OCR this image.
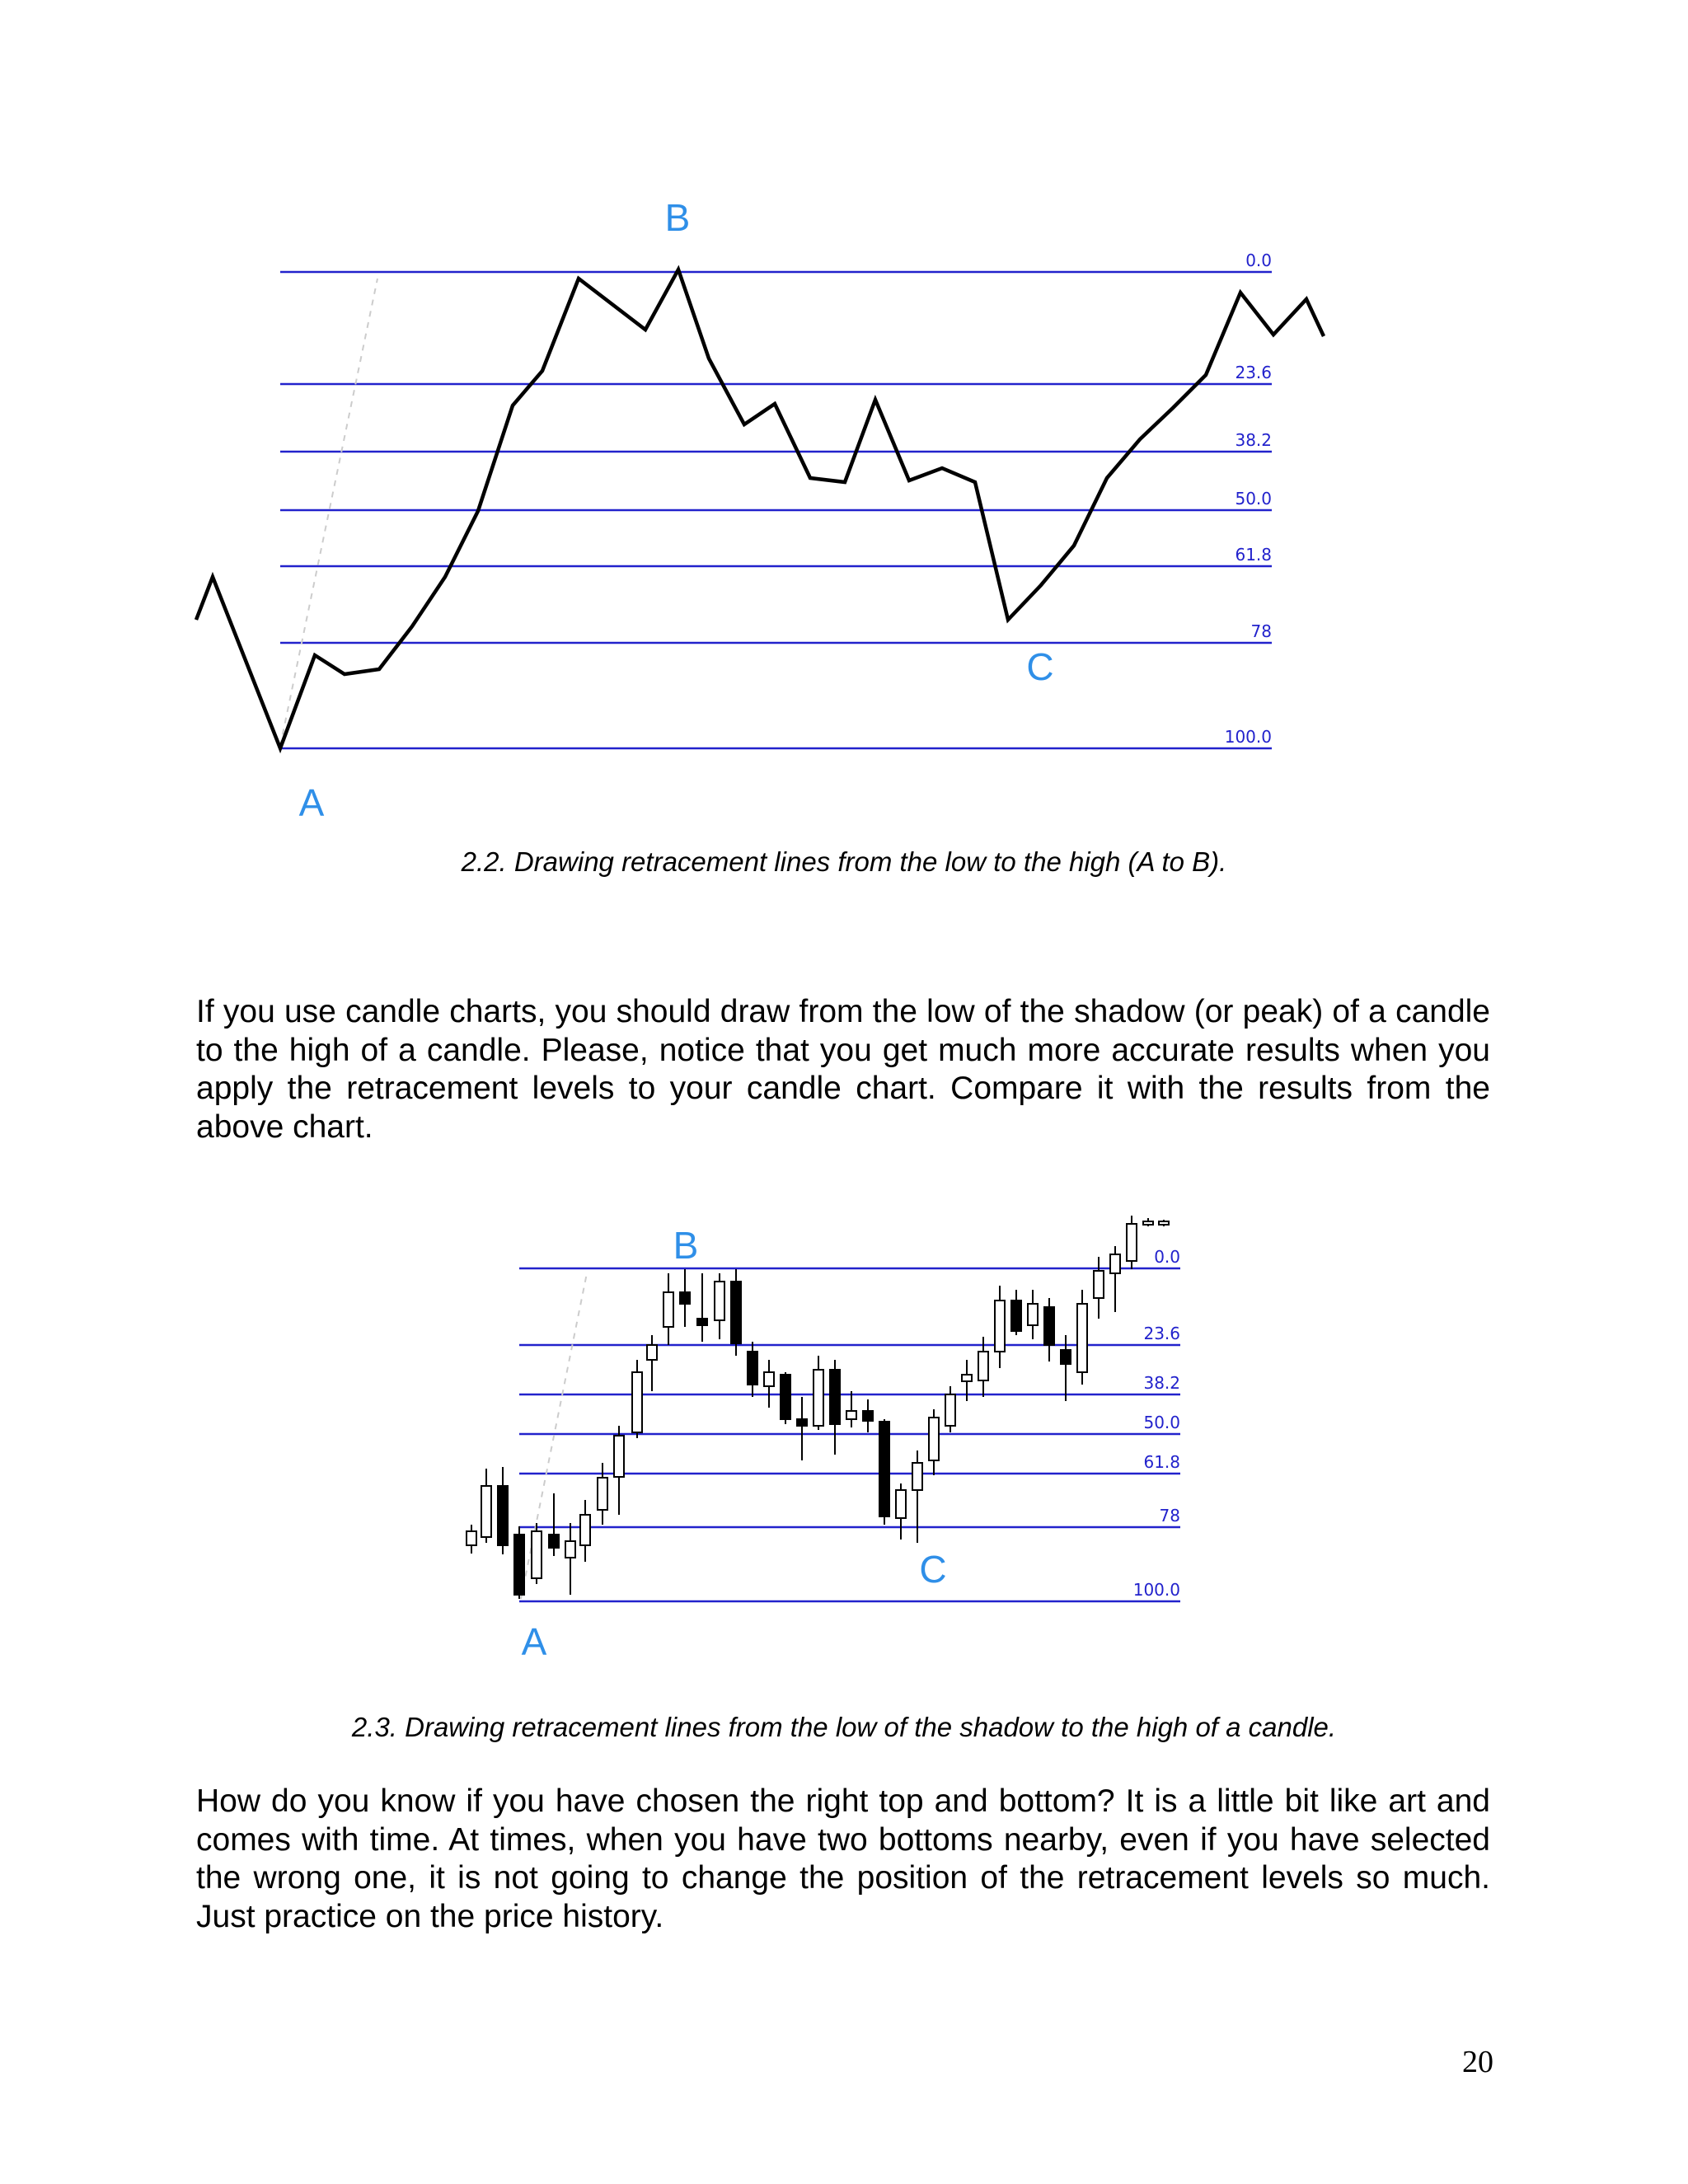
0.0
23.6
38.2
50.0
61.8
78
100.0
B
C
A
2.2. Drawing retracement lines from the low to the high (A to B).

If you use candle charts, you should draw from the low of the shadow (or peak) of a candle to the high of a candle. Please, notice that you get much more accurate results when you apply the retracement levels to your candle chart. Compare it with the results from the above chart.

0.0
23.6
38.2
50.0
61.8
78
100.0
B
C
A
2.3. Drawing retracement lines from the low of the shadow to the high of a candle.

How do you know if you have chosen the right top and bottom? It is a little bit like art and comes with time. At times, when you have two bottoms nearby, even if you have selected the wrong one, it is not going to change the position of the retracement levels so much. Just practice on the price history.

20
